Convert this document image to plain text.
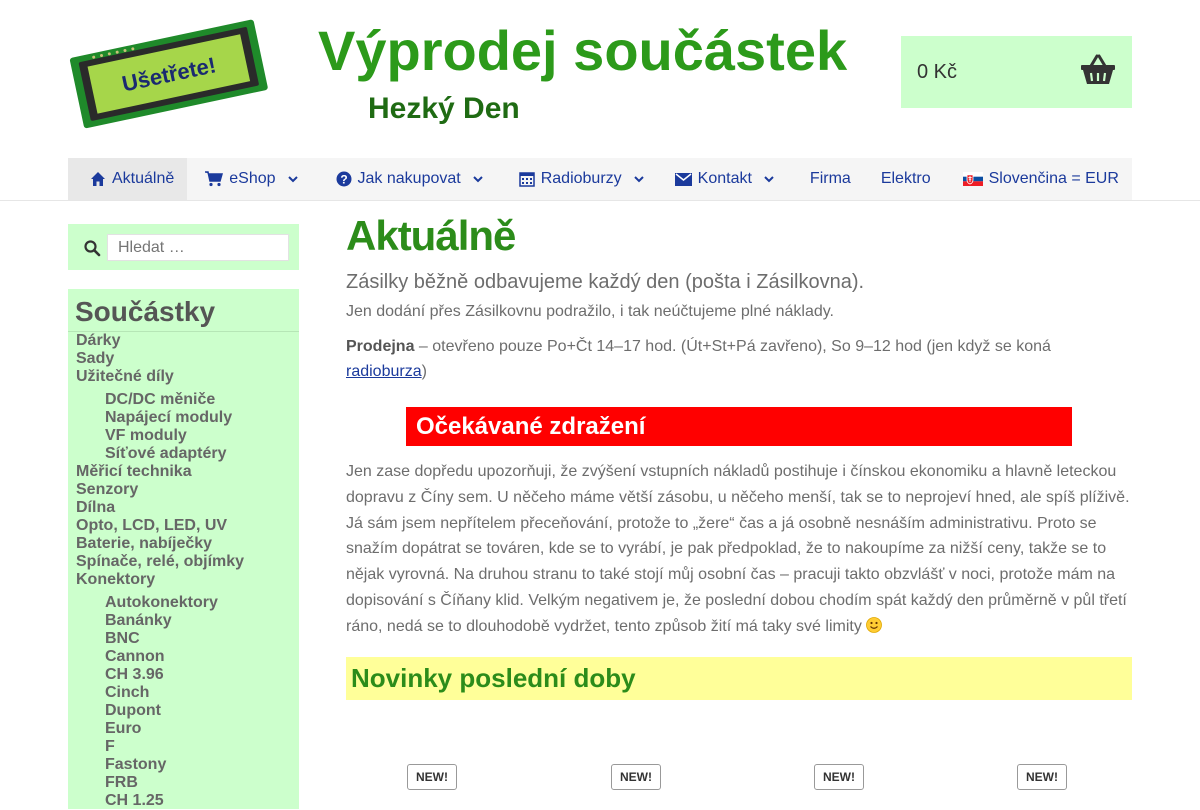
Ušetřete! Výprodej součástek
Hezký Den
0 Kč
Aktuálně	eShop	? Jak nakupovat	Radioburzy	Kontakt	Firma Elektro	Slovenčina = EUR
Hledat …
Součástky
Dárky
Sady
Užitečné díly
DC/DC měniče
Napájecí moduly
VF moduly
Síťové adaptéry
Měřicí technika
Senzory
Dílna
Opto, LCD, LED, UV
Baterie, nabíječky
Spínače, relé, objímky
Konektory
Autokonektory
Banánky
BNC
Cannon
CH 3.96
Cinch
Dupont
Euro
F
Fastony
FRB
CH 1.25
Aktuálně

Zásilky běžně odbavujeme každý den (pošta i Zásilkovna).

Jen dodání přes Zásilkovnu podražilo, i tak neúčtujeme plné náklady.

Prodejna – otevřeno pouze Po+Čt 14–17 hod. (Út+St+Pá zavřeno), So 9–12 hod (jen když se koná radioburza)

Očekávané zdražení

Jen zase dopředu upozorňuji, že zvýšení vstupních nákladů postihuje i čínskou ekonomiku a hlavně leteckou dopravu z Číny sem. U něčeho máme větší zásobu, u něčeho menší, tak se to neprojeví hned, ale spíš plíživě. Já sám jsem nepřítelem přeceňování, protože to „žere“ čas a já osobně nesnáším administrativu. Proto se snažím dopátrat se továren, kde se to vyrábí, je pak předpoklad, že to nakoupíme za nižší ceny, takže se to nějak vyrovná. Na druhou stranu to také stojí můj osobní čas – pracuji takto obzvlášť v noci, protože mám na dopisování s Číňany klid. Velkým negativem je, že poslední dobou chodím spát každý den průměrně v půl třetí ráno, nedá se to dlouhodobě vydržet, tento způsob žití má taky své limity

Novinky poslední doby
NEW!	NEW!	NEW!	NEW!
